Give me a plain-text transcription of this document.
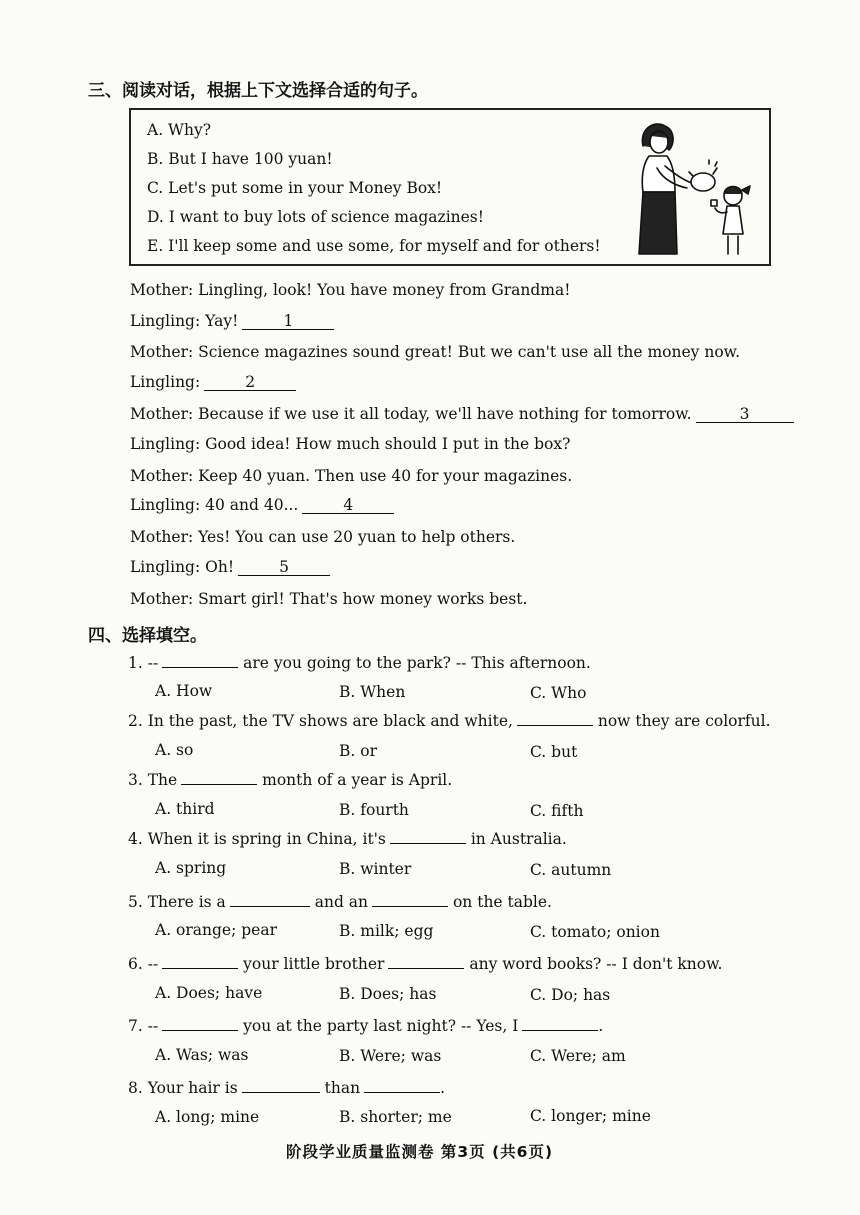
三、阅读对话，根据上下文选择合适的句子。
A. Why?
B. But I have 100 yuan!
C. Let's put some in your Money Box!
D. I want to buy lots of science magazines!
E. I'll keep some and use some, for myself and for others!
Mother: Lingling, look! You have money from Grandma!
Lingling: Yay!	1
Mother: Science magazines sound great! But we can't use all the money now.
Lingling:	2
Mother: Because if we use it all today, we'll have nothing for tomorrow.	3
Lingling: Good idea! How much should I put in the box?
Mother: Keep 40 yuan. Then use 40 for your magazines.
Lingling: 40 and 40...	4
Mother: Yes! You can use 20 yuan to help others.
Lingling: Oh!	5
Mother: Smart girl! That's how money works best.
四、选择填空。
1. --	are you going to the park? -- This afternoon.
A. How	B. When	C. Who
2. In the past, the TV shows are black and white,	now they are colorful.
A. so	B. or	C. but
3. The	month of a year is April.
A. third	B. fourth	C. fifth
4. When it is spring in China, it's	in Australia.
A. spring	B. winter	C. autumn
5. There is a	and an	on the table.
A. orange; pear	B. milk; egg	C. tomato; onion
6. --	your little brother	any word books? -- I don't know.
A. Does; have	B. Does; has	C. Do; has
7. --	you at the party last night? -- Yes, I	.
A. Was; was	B. Were; was	C. Were; am
8. Your hair is	than	.
A. long; mine	B. shorter; me	C. longer; mine
阶段学业质量监测卷 第3页 (共6页)
